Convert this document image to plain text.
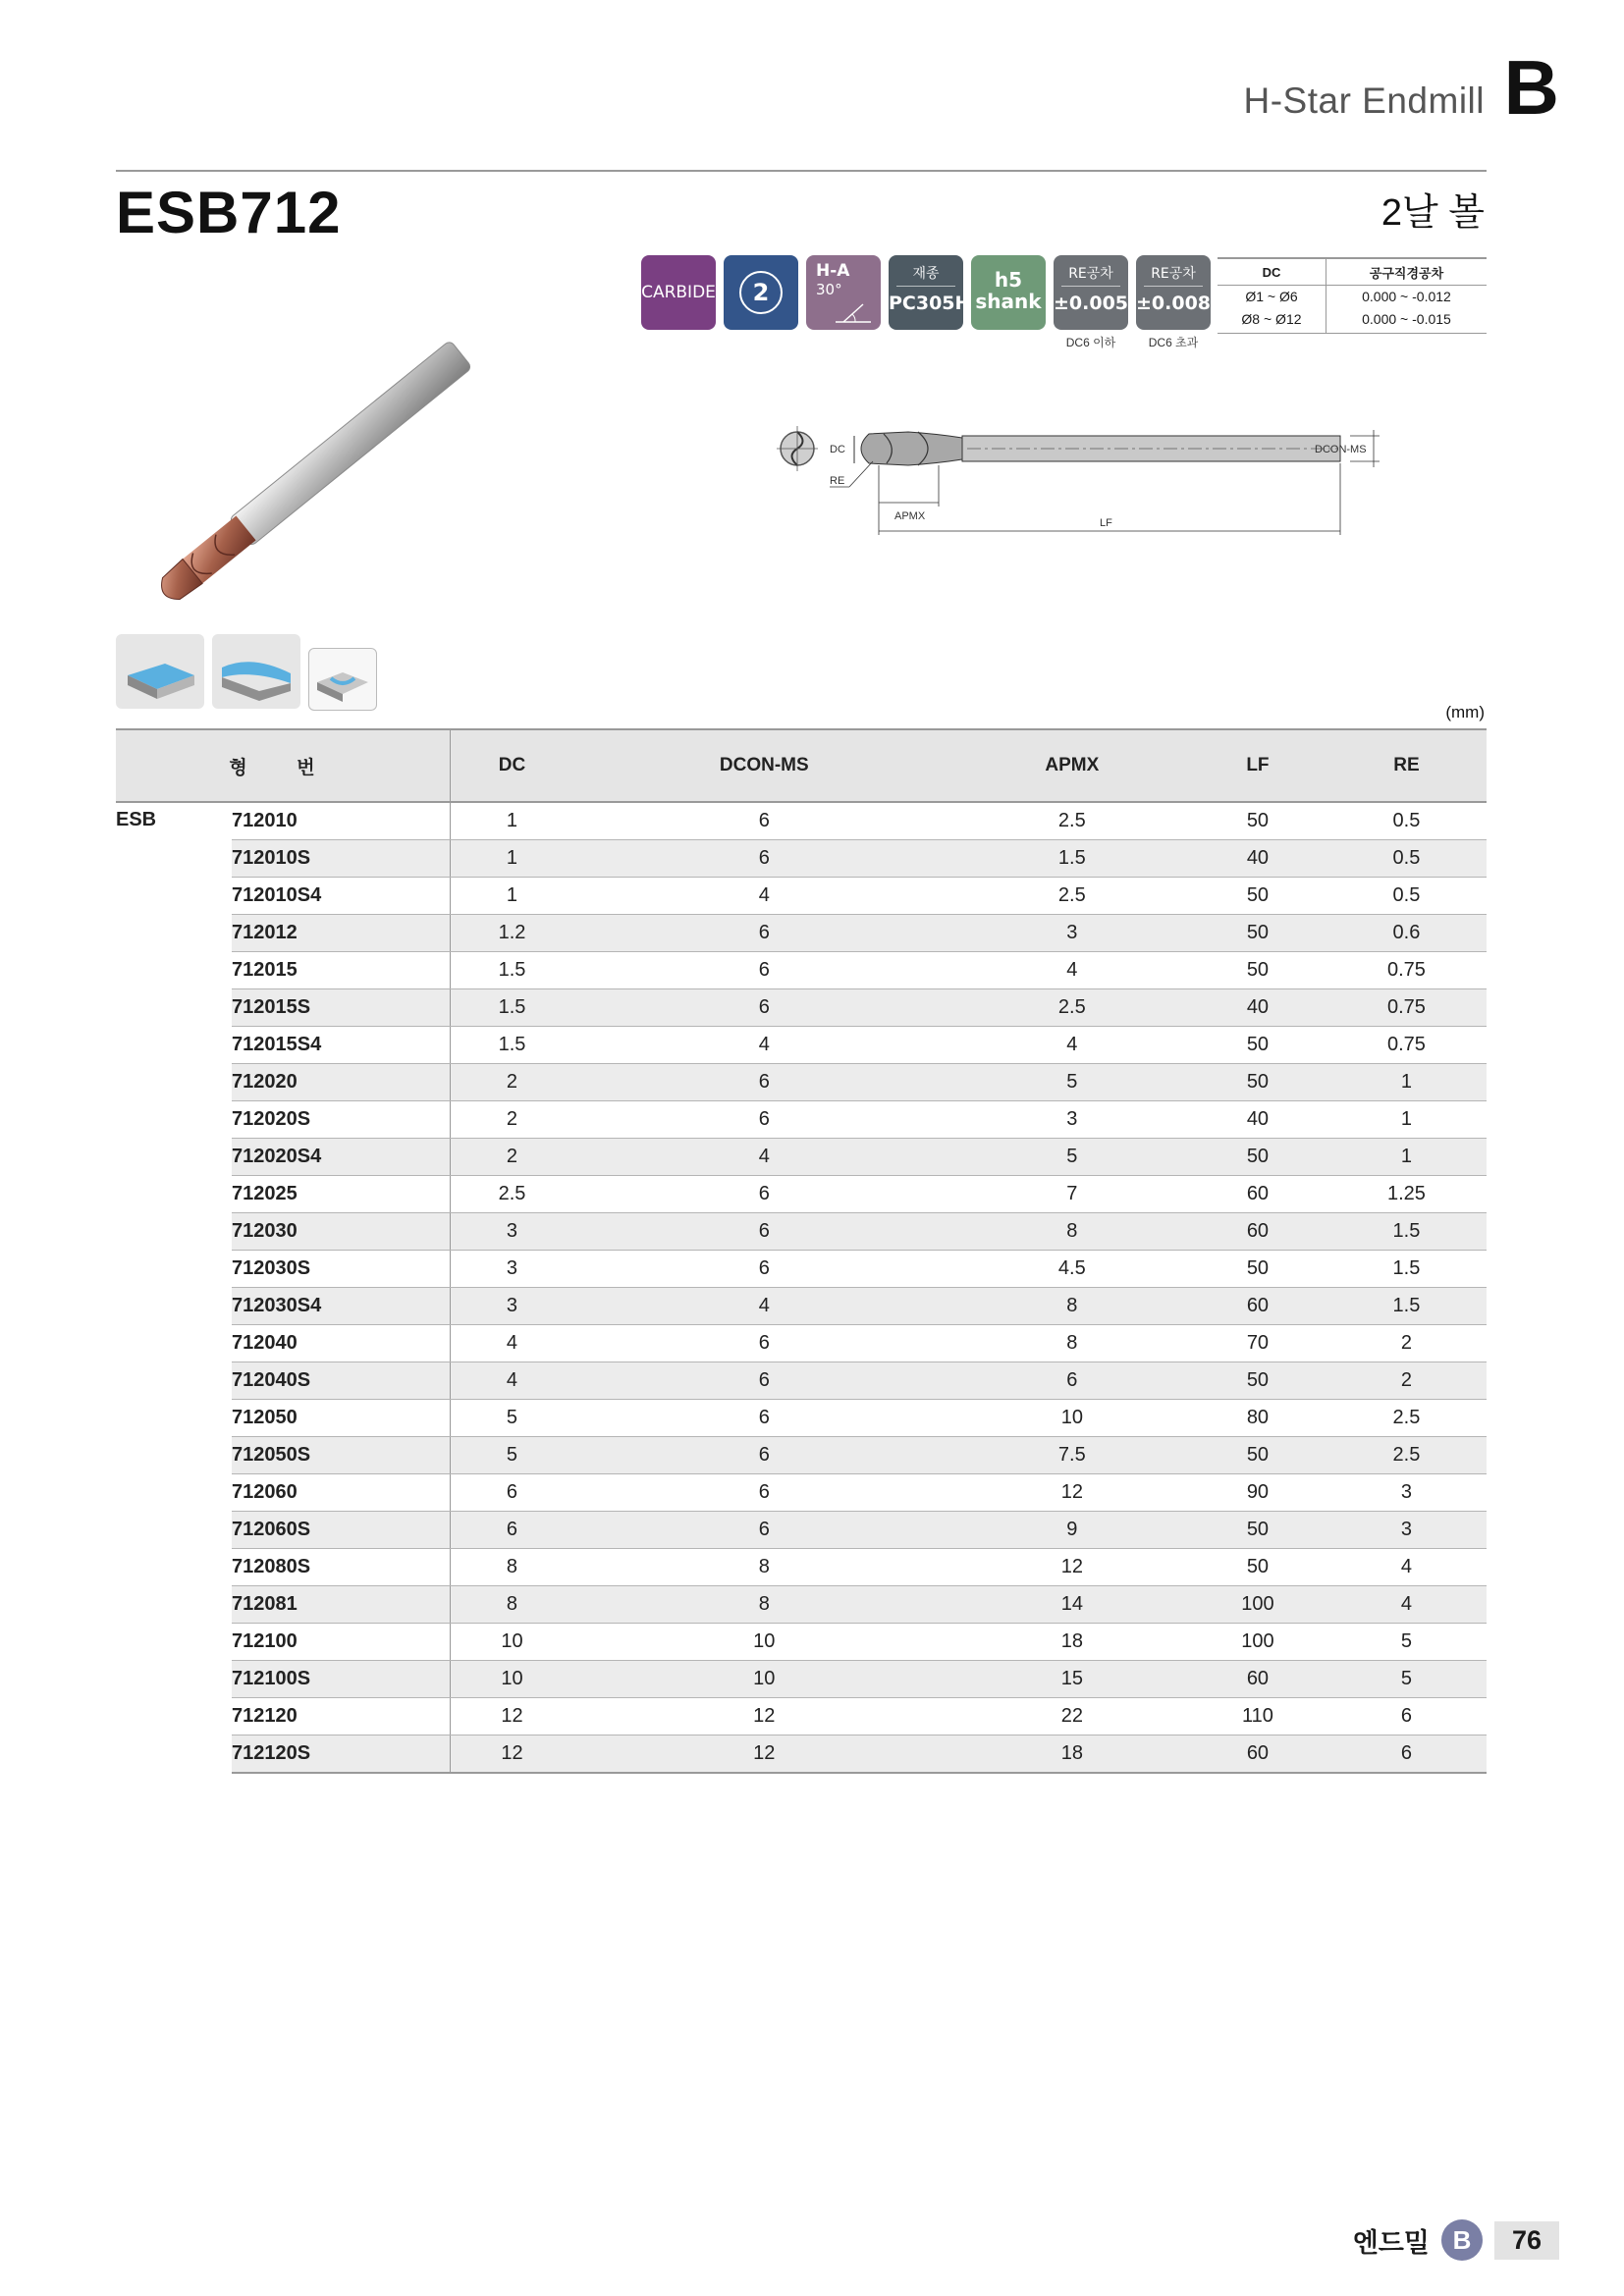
H-Star Endmill B
ESB712	2날 볼
CARBIDE	2
H-A
30°
재종
PC305H
h5
shank
RE공차
±0.005
RE공차
±0.008
DC6 이하	DC6 초과
DC	공구직경공차
Ø1 ~ Ø6	0.000 ~ -0.012
Ø8 ~ Ø12	0.000 ~ -0.015
DC	DCON-MS
RE
APMX
LF
(mm)
형 번		DC	DCON-MS	APMX	LF	RE
ESB	712010	1	6	2.5	50	0.5
	712010S	1	6	1.5	40	0.5
	712010S4	1	4	2.5	50	0.5
	712012	1.2	6	3	50	0.6
	712015	1.5	6	4	50	0.75
	712015S	1.5	6	2.5	40	0.75
	712015S4	1.5	4	4	50	0.75
	712020	2	6	5	50	1
	712020S	2	6	3	40	1
	712020S4	2	4	5	50	1
	712025	2.5	6	7	60	1.25
	712030	3	6	8	60	1.5
	712030S	3	6	4.5	50	1.5
	712030S4	3	4	8	60	1.5
	712040	4	6	8	70	2
	712040S	4	6	6	50	2
	712050	5	6	10	80	2.5
	712050S	5	6	7.5	50	2.5
	712060	6	6	12	90	3
	712060S	6	6	9	50	3
	712080S	8	8	12	50	4
	712081	8	8	14	100	4
	712100	10	10	18	100	5
	712100S	10	10	15	60	5
	712120	12	12	22	110	6
	712120S	12	12	18	60	6
엔드밀 B	76
